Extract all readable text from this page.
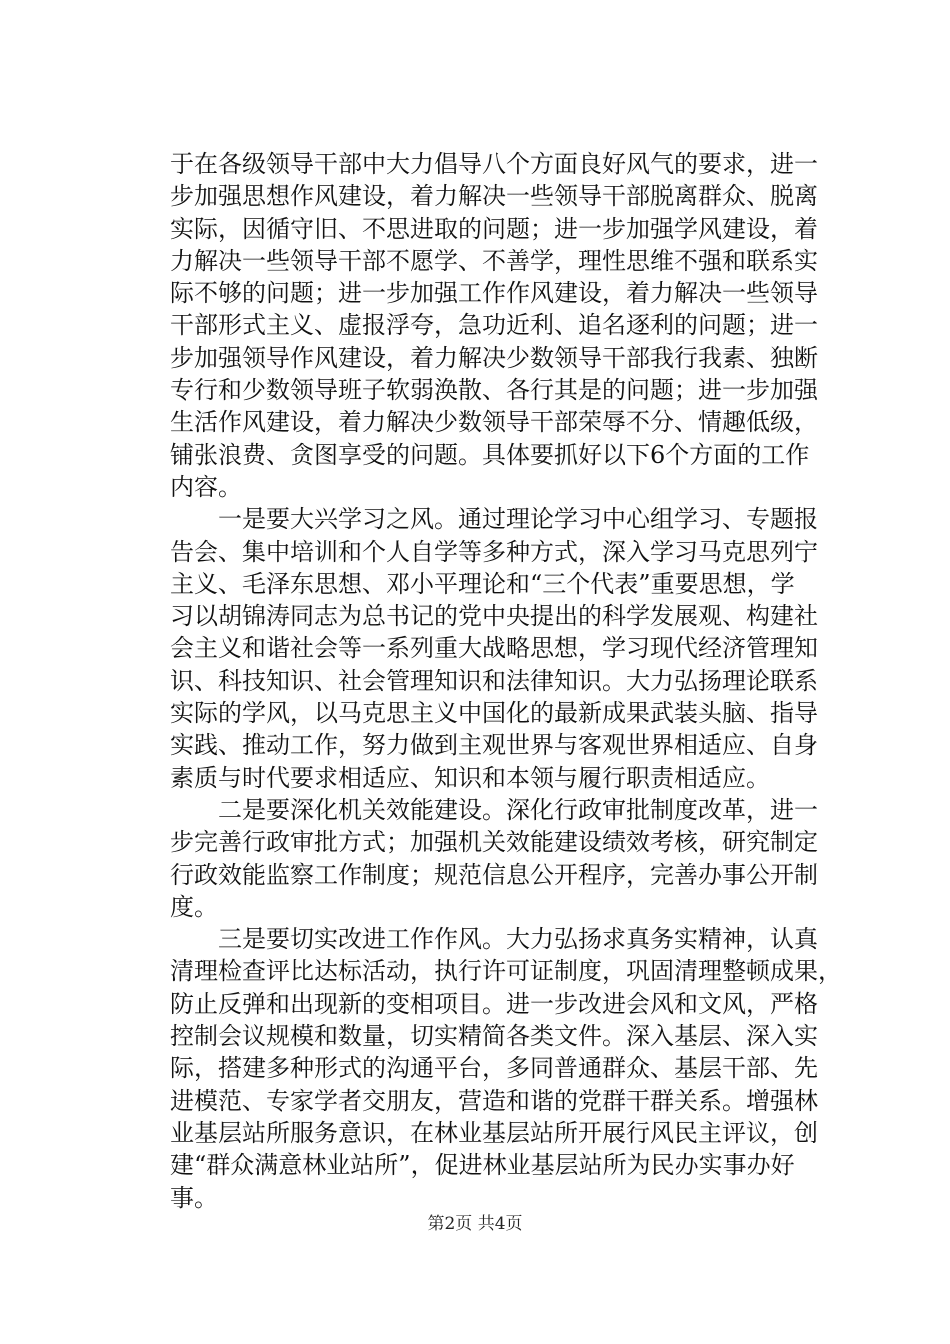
于 在 各 级 领 导 干 部 中 大 力 倡 导 八 个 方 面 良 好 风 气 的 要 求 ， 进 一
步 加 强 思 想 作 风 建 设 ， 着 力 解 决 一 些 领 导 干 部 脱 离 群 众 、 脱 离
实 际 ， 因 循 守 旧 、 不 思 进 取 的 问 题 ； 进 一 步 加 强 学 风 建 设 ， 着
力 解 决 一 些 领 导 干 部 不 愿 学 、 不 善 学 ， 理 性 思 维 不 强 和 联 系 实
际 不 够 的 问 题 ； 进 一 步 加 强 工 作 作 风 建 设 ， 着 力 解 决 一 些 领 导
干 部 形 式 主 义 、 虚 报 浮 夸 ， 急 功 近 利 、 追 名 逐 利 的 问 题 ； 进 一
步 加 强 领 导 作 风 建 设 ， 着 力 解 决 少 数 领 导 干 部 我 行 我 素 、 独 断
专 行 和 少 数 领 导 班 子 软 弱 涣 散 、 各 行 其 是 的 问 题 ； 进 一 步 加 强
生 活 作 风 建 设 ， 着 力 解 决 少 数 领 导 干 部 荣 辱 不 分 、 情 趣 低 级 ，
铺 张 浪 费 、 贪 图 享 受 的 问 题 。 具 体 要 抓 好 以 下 6 个 方 面 的 工 作
内容。

一 是 要 大 兴 学 习 之 风 。 通 过 理 论 学 习 中 心 组 学 习 、 专 题 报
告 会 、 集 中 培 训 和 个 人 自 学 等 多 种 方 式 ， 深 入 学 习 马 克 思 列 宁
主 义 、 毛 泽 东 思 想 、 邓 小 平 理 论 和 “ 三 个 代 表 ” 重 要 思 想 ， 学
习 以 胡 锦 涛 同 志 为 总 书 记 的 党 中 央 提 出 的 科 学 发 展 观 、 构 建 社
会 主 义 和 谐 社 会 等 一 系 列 重 大 战 略 思 想 ， 学 习 现 代 经 济 管 理 知
识 、 科 技 知 识 、 社 会 管 理 知 识 和 法 律 知 识 。 大 力 弘 扬 理 论 联 系
实 际 的 学 风 ， 以 马 克 思 主 义 中 国 化 的 最 新 成 果 武 装 头 脑 、 指 导
实 践 、 推 动 工 作 ， 努 力 做 到 主 观 世 界 与 客 观 世 界 相 适 应 、 自 身
素质与时代要求相适应、知识和本领与履行职责相适应。

二 是 要 深 化 机 关 效 能 建 设 。 深 化 行 政 审 批 制 度 改 革 ， 进 一
步 完 善 行 政 审 批 方 式 ； 加 强 机 关 效 能 建 设 绩 效 考 核 ， 研 究 制 定
行 政 效 能 监 察 工 作 制 度 ； 规 范 信 息 公 开 程 序 ， 完 善 办 事 公 开 制
度。

三 是 要 切 实 改 进 工 作 作 风 。 大 力 弘 扬 求 真 务 实 精 神 ， 认 真
清 理 检 查 评 比 达 标 活 动 ， 执 行 许 可 证 制 度 ， 巩 固 清 理 整 顿 成 果 ，
防 止 反 弹 和 出 现 新 的 变 相 项 目 。 进 一 步 改 进 会 风 和 文 风 ， 严 格
控 制 会 议 规 模 和 数 量 ， 切 实 精 简 各 类 文 件 。 深 入 基 层 、 深 入 实
际 ， 搭 建 多 种 形 式 的 沟 通 平 台 ， 多 同 普 通 群 众 、 基 层 干 部 、 先
进 模 范 、 专 家 学 者 交 朋 友 ， 营 造 和 谐 的 党 群 干 群 关 系 。 增 强 林
业 基 层 站 所 服 务 意 识 ， 在 林 业 基 层 站 所 开 展 行 风 民 主 评 议 ， 创
建 “ 群 众 满 意 林 业 站 所 ” ， 促 进 林 业 基 层 站 所 为 民 办 实 事 办 好
事。
第2页 共4页
